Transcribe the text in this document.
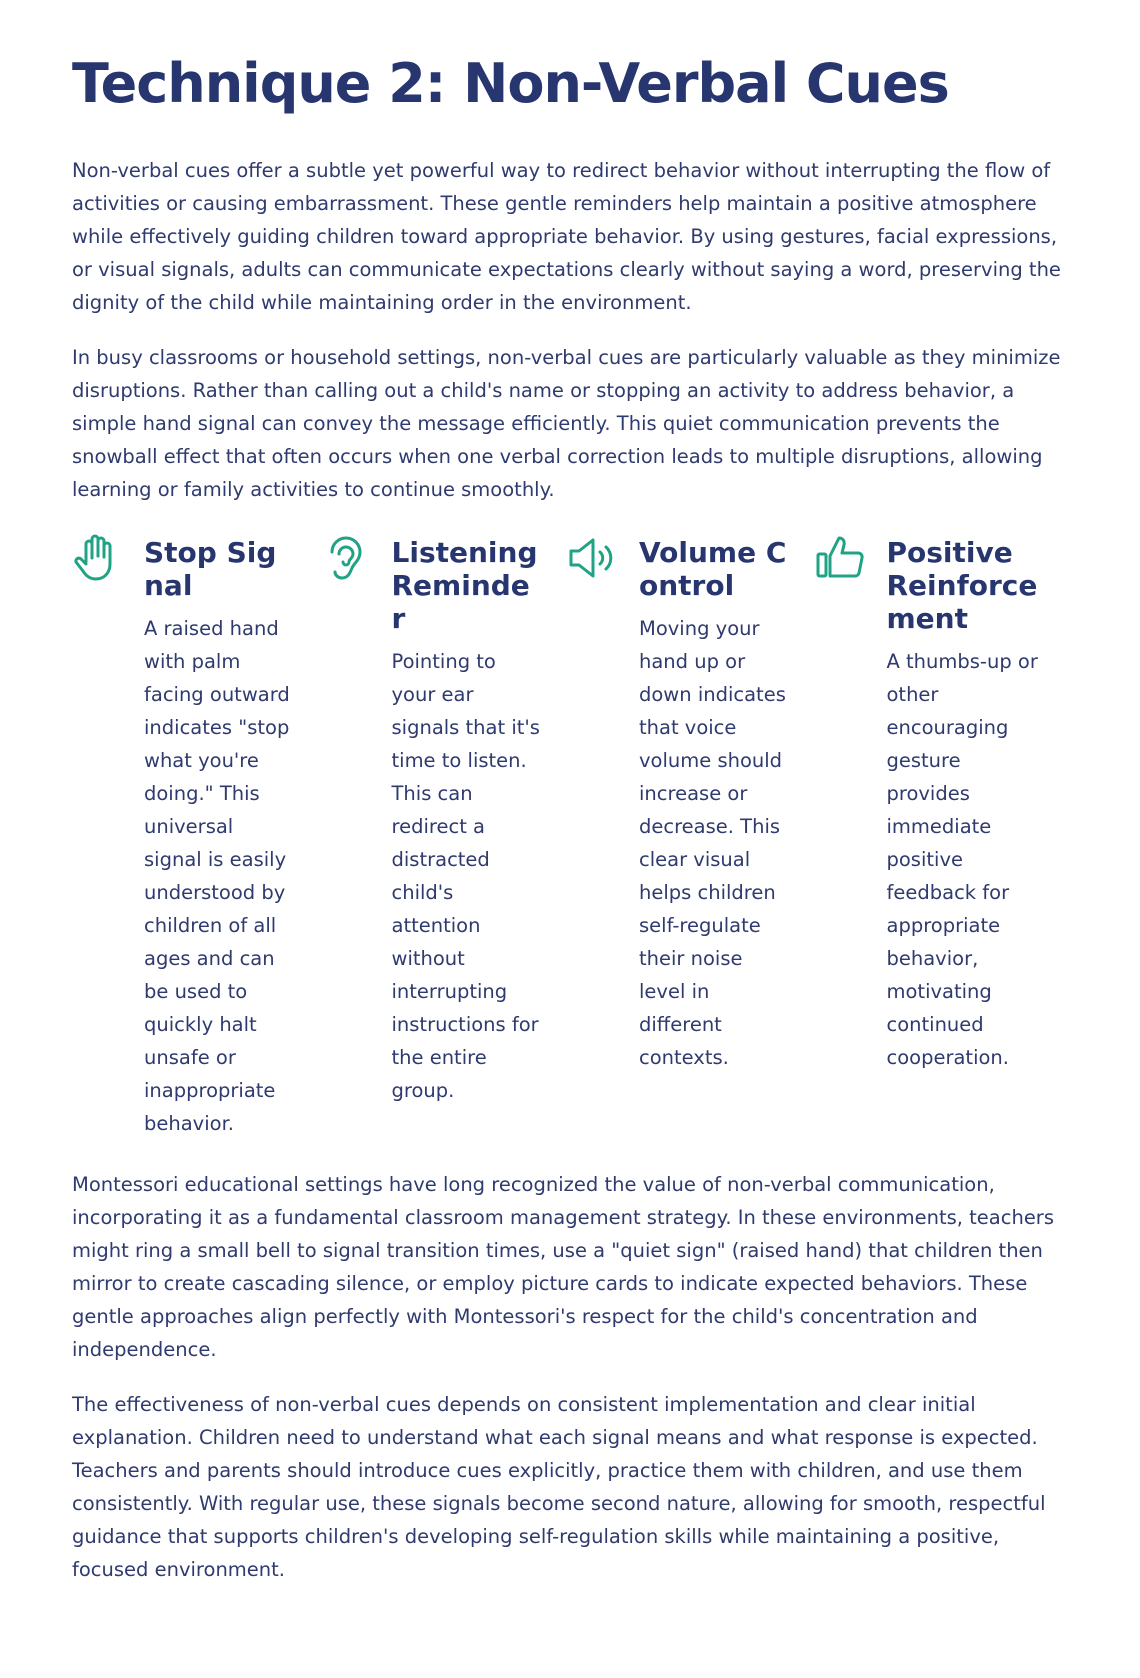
Technique 2: Non-Verbal Cues

Non-verbal cues offer a subtle yet powerful way to redirect behavior without interrupting the flow of activities or causing embarrassment. These gentle reminders help maintain a positive atmosphere while effectively guiding children toward appropriate behavior. By using gestures, facial expressions, or visual signals, adults can communicate expectations clearly without saying a word, preserving the dignity of the child while maintaining order in the environment.

In busy classrooms or household settings, non-verbal cues are particularly valuable as they minimize disruptions. Rather than calling out a child's name or stopping an activity to address behavior, a simple hand signal can convey the message efficiently. This quiet communication prevents the snowball effect that often occurs when one verbal correction leads to multiple disruptions, allowing learning or family activities to continue smoothly.

Stop Signal

A raised hand with palm facing outward indicates "stop what you're doing." This universal signal is easily understood by children of all ages and can be used to quickly halt unsafe or inappropriate behavior.

Listening Reminder

Pointing to your ear signals that it's time to listen. This can redirect a distracted child's attention without interrupting instructions for the entire group.

Volume Control

Moving your hand up or down indicates that voice volume should increase or decrease. This clear visual helps children self-regulate their noise level in different contexts.

Positive Reinforcement

A thumbs-up or other encouraging gesture provides immediate positive feedback for appropriate behavior, motivating continued cooperation.

Montessori educational settings have long recognized the value of non-verbal communication, incorporating it as a fundamental classroom management strategy. In these environments, teachers might ring a small bell to signal transition times, use a "quiet sign" (raised hand) that children then mirror to create cascading silence, or employ picture cards to indicate expected behaviors. These gentle approaches align perfectly with Montessori's respect for the child's concentration and independence.

The effectiveness of non-verbal cues depends on consistent implementation and clear initial explanation. Children need to understand what each signal means and what response is expected. Teachers and parents should introduce cues explicitly, practice them with children, and use them consistently. With regular use, these signals become second nature, allowing for smooth, respectful guidance that supports children's developing self-regulation skills while maintaining a positive, focused environment.
